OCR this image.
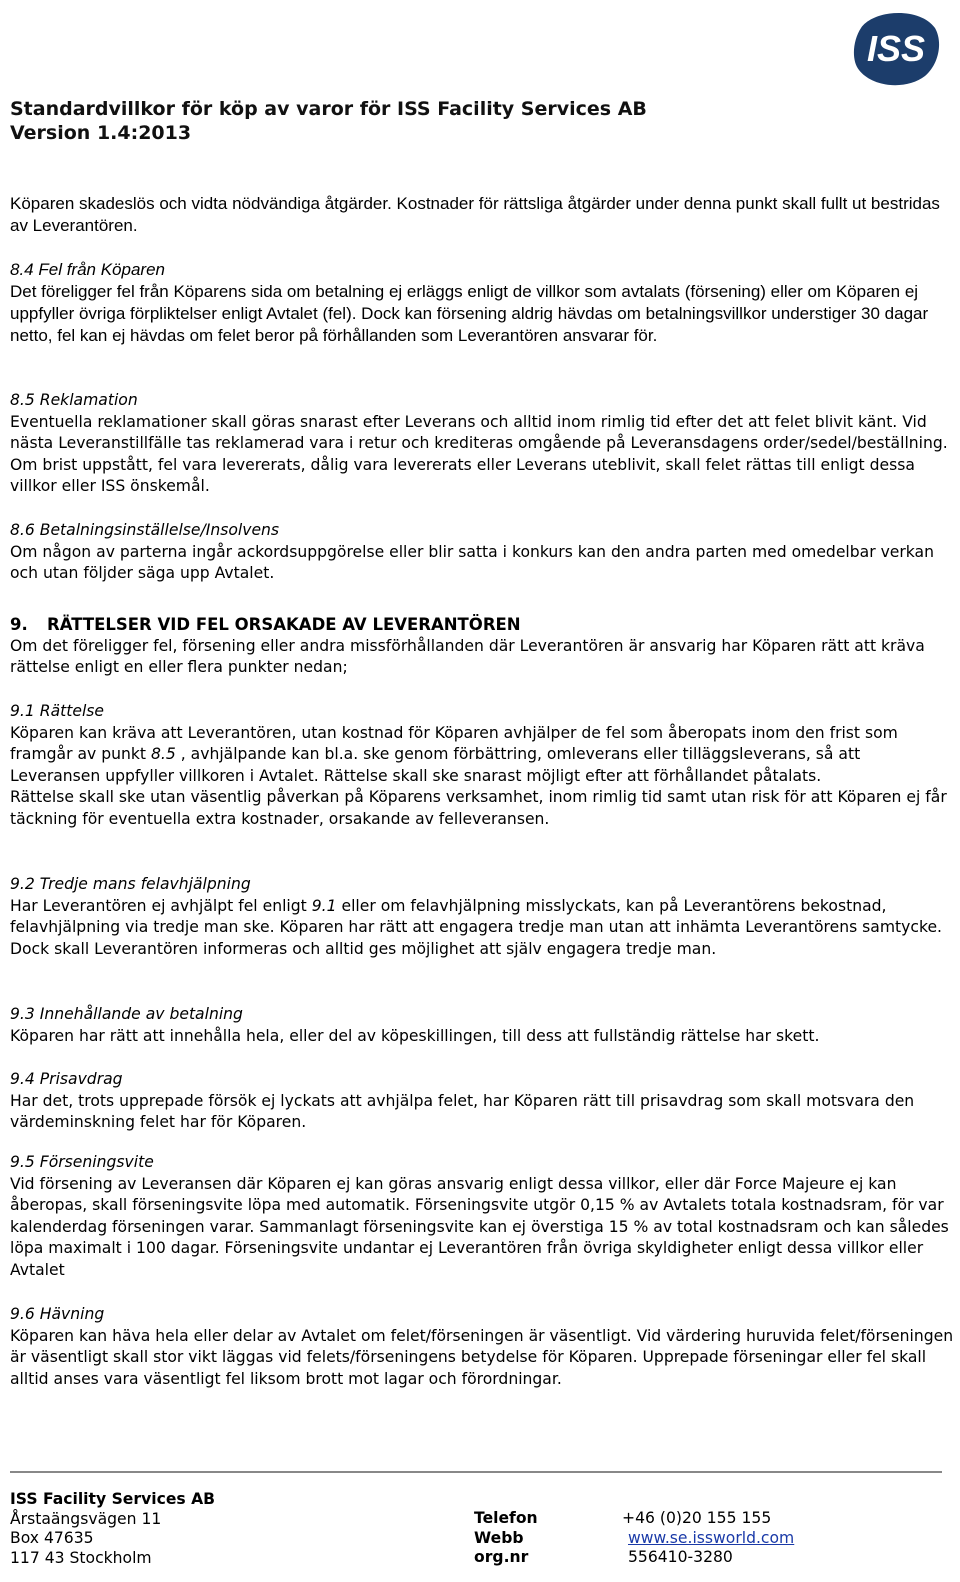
ISS
Standardvillkor för köp av varor för ISS Facility Services AB
Version 1.4:2013
Köparen skadeslös och vidta nödvändiga åtgärder. Kostnader för rättsliga åtgärder under denna punkt skall fullt ut bestridas av Leverantören.
8.4 Fel från Köparen
Det föreligger fel från Köparens sida om betalning ej erläggs enligt de villkor som avtalats (försening) eller om Köparen ej uppfyller övriga förpliktelser enligt Avtalet (fel). Dock kan försening aldrig hävdas om betalningsvillkor understiger 30 dagar netto, fel kan ej hävdas om felet beror på förhållanden som Leverantören ansvarar för.
8.5 Reklamation
Eventuella reklamationer skall göras snarast efter Leverans och alltid inom rimlig tid efter det att felet blivit känt. Vid nästa Leveranstillfälle tas reklamerad vara i retur och krediteras omgående på Leveransdagens order/sedel/beställning. Om brist uppstått, fel vara levererats, dålig vara levererats eller Leverans uteblivit, skall felet rättas till enligt dessa villkor eller ISS önskemål.
8.6 Betalningsinställelse/Insolvens
Om någon av parterna ingår ackordsuppgörelse eller blir satta i konkurs kan den andra parten med omedelbar verkan och utan följder säga upp Avtalet.
9. RÄTTELSER VID FEL ORSAKADE AV LEVERANTÖREN
Om det föreligger fel, försening eller andra missförhållanden där Leverantören är ansvarig har Köparen rätt att kräva rättelse enligt en eller flera punkter nedan;
9.1 Rättelse
Köparen kan kräva att Leverantören, utan kostnad för Köparen avhjälper de fel som åberopats inom den frist som framgår av punkt 8.5 , avhjälpande kan bl.a. ske genom förbättring, omleverans eller tilläggsleverans, så att Leveransen uppfyller villkoren i Avtalet. Rättelse skall ske snarast möjligt efter att förhållandet påtalats.
Rättelse skall ske utan väsentlig påverkan på Köparens verksamhet, inom rimlig tid samt utan risk för att Köparen ej får täckning för eventuella extra kostnader, orsakande av felleveransen.
9.2 Tredje mans felavhjälpning
Har Leverantören ej avhjälpt fel enligt 9.1 eller om felavhjälpning misslyckats, kan på Leverantörens bekostnad, felavhjälpning via tredje man ske. Köparen har rätt att engagera tredje man utan att inhämta Leverantörens samtycke. Dock skall Leverantören informeras och alltid ges möjlighet att själv engagera tredje man.
9.3 Innehållande av betalning
Köparen har rätt att innehålla hela, eller del av köpeskillingen, till dess att fullständig rättelse har skett.
9.4 Prisavdrag
Har det, trots upprepade försök ej lyckats att avhjälpa felet, har Köparen rätt till prisavdrag som skall motsvara den värdeminskning felet har för Köparen.
9.5 Förseningsvite
Vid försening av Leveransen där Köparen ej kan göras ansvarig enligt dessa villkor, eller där Force Majeure ej kan åberopas, skall förseningsvite löpa med automatik. Förseningsvite utgör 0,15 % av Avtalets totala kostnadsram, för var kalenderdag förseningen varar. Sammanlagt förseningsvite kan ej överstiga 15 % av total kostnadsram och kan således löpa maximalt i 100 dagar. Förseningsvite undantar ej Leverantören från övriga skyldigheter enligt dessa villkor eller Avtalet
9.6 Hävning
Köparen kan häva hela eller delar av Avtalet om felet/förseningen är väsentligt. Vid värdering huruvida felet/förseningen är väsentligt skall stor vikt läggas vid felets/förseningens betydelse för Köparen. Upprepade förseningar eller fel skall alltid anses vara väsentligt fel liksom brott mot lagar och förordningar.
ISS Facility Services AB
Årstaängsvägen 11
Box 47635
117 43 Stockholm
Telefon	+46 (0)20 155 155
Webb	www.se.issworld.com
org.nr	556410-3280
